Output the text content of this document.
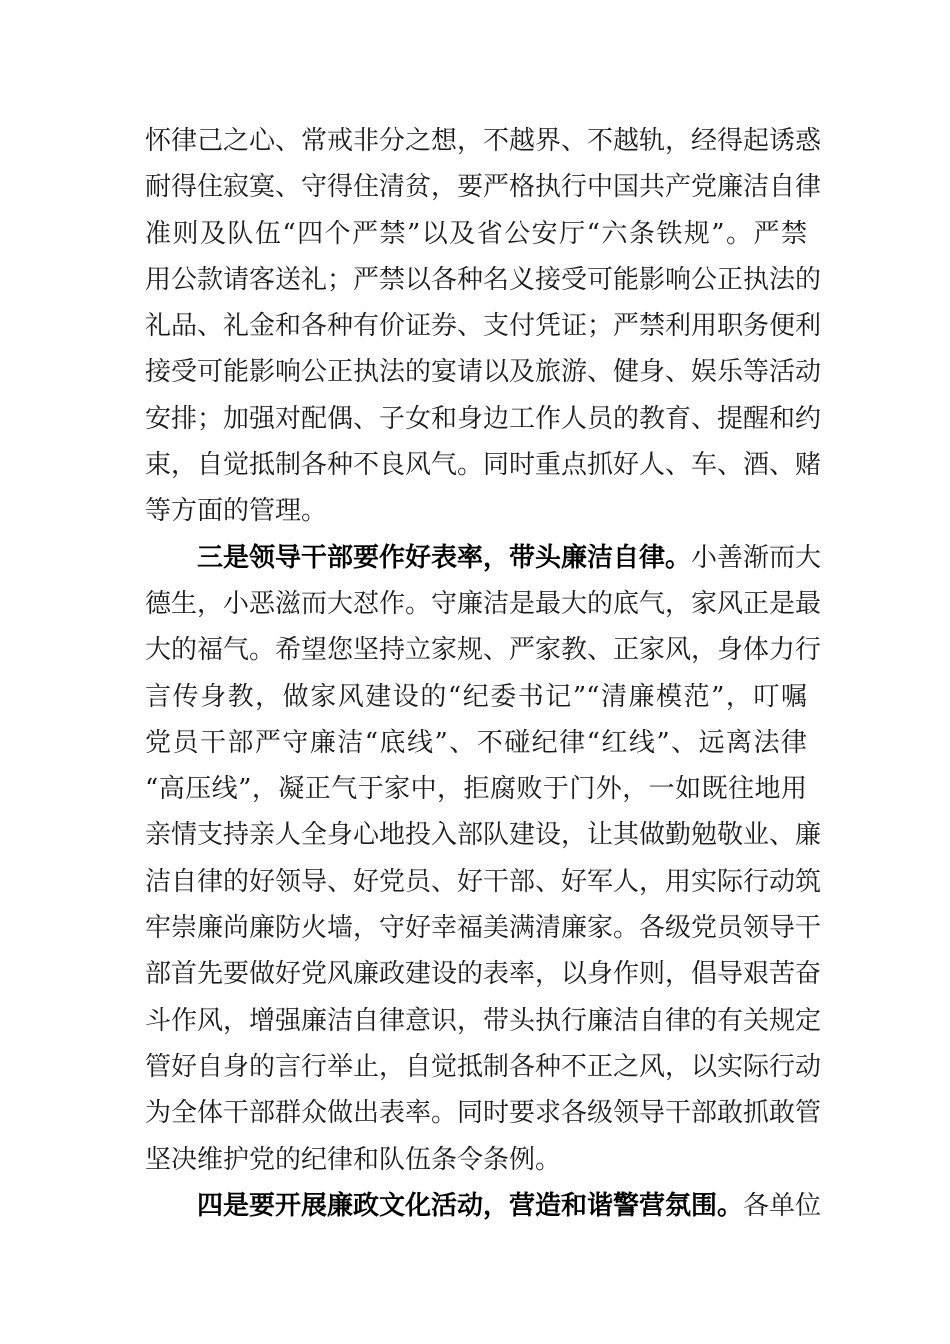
怀律己之心、常戒非分之想，不越界、不越轨，经得起诱惑
耐得住寂寞、守得住清贫，要严格执行中国共产党廉洁自律
准则及队伍“四个严禁”以及省公安厅“六条铁规”。严禁
用公款请客送礼；严禁以各种名义接受可能影响公正执法的
礼品、礼金和各种有价证券、支付凭证；严禁利用职务便利
接受可能影响公正执法的宴请以及旅游、健身、娱乐等活动
安排；加强对配偶、子女和身边工作人员的教育、提醒和约
束，自觉抵制各种不良风气。同时重点抓好人、车、酒、赌
等方面的管理。
三是领导干部要作好表率，带头廉洁自律。小善渐而大
德生，小恶滋而大怼作。守廉洁是最大的底气，家风正是最
大的福气。希望您坚持立家规、严家教、正家风，身体力行
言传身教，做家风建设的“纪委书记”“清廉模范”，叮嘱
党员干部严守廉洁“底线”、不碰纪律“红线”、远离法律
“高压线”，凝正气于家中，拒腐败于门外，一如既往地用
亲情支持亲人全身心地投入部队建设，让其做勤勉敬业、廉
洁自律的好领导、好党员、好干部、好军人，用实际行动筑
牢崇廉尚廉防火墙，守好幸福美满清廉家。各级党员领导干
部首先要做好党风廉政建设的表率，以身作则，倡导艰苦奋
斗作风，增强廉洁自律意识，带头执行廉洁自律的有关规定
管好自身的言行举止，自觉抵制各种不正之风，以实际行动
为全体干部群众做出表率。同时要求各级领导干部敢抓敢管
坚决维护党的纪律和队伍条令条例。
四是要开展廉政文化活动，营造和谐警营氛围。各单位
